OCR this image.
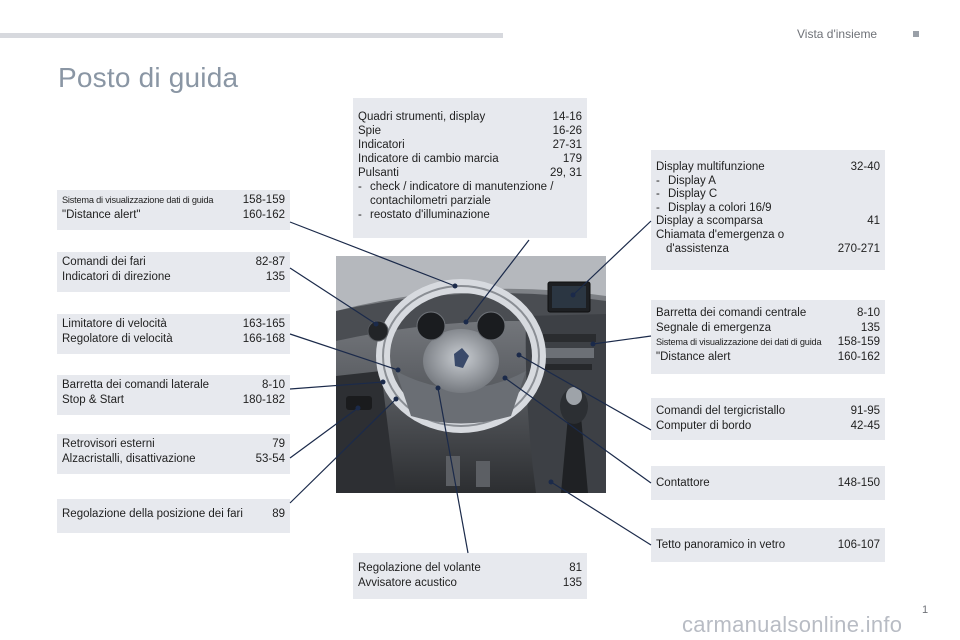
Vista d'insieme
Posto di guida
Sistema di visualizzazione dati di guida	158-159
"Distance alert"	160-162
Comandi dei fari	82-87
Indicatori di direzione	135
Limitatore di velocità	163-165
Regolatore di velocità	166-168
Barretta dei comandi laterale	8-10
Stop & Start	180-182
Retrovisori esterni	79
Alzacristalli, disattivazione	53-54
Regolazione della posizione dei fari	89
Quadri strumenti, display	14-16
Spie	16-26
Indicatori	27-31
Indicatore di cambio marcia	179
Pulsanti	29, 31
- check / indicatore di manutenzione / contachilometri parziale
- reostato d'illuminazione
Regolazione del volante	81
Avvisatore acustico	135
Display multifunzione	32-40
- Display A
- Display C
- Display a colori 16/9
Display a scomparsa	41
Chiamata d'emergenza o
d'assistenza	270-271
Barretta dei comandi centrale	8-10
Segnale di emergenza	135
Sistema di visualizzazione dei dati di guida 158-159
"Distance alert	160-162
Comandi del tergicristallo	91-95
Computer di bordo	42-45
Contattore	148-150
Tetto panoramico in vetro	106-107
carmanualsonline.info
1
